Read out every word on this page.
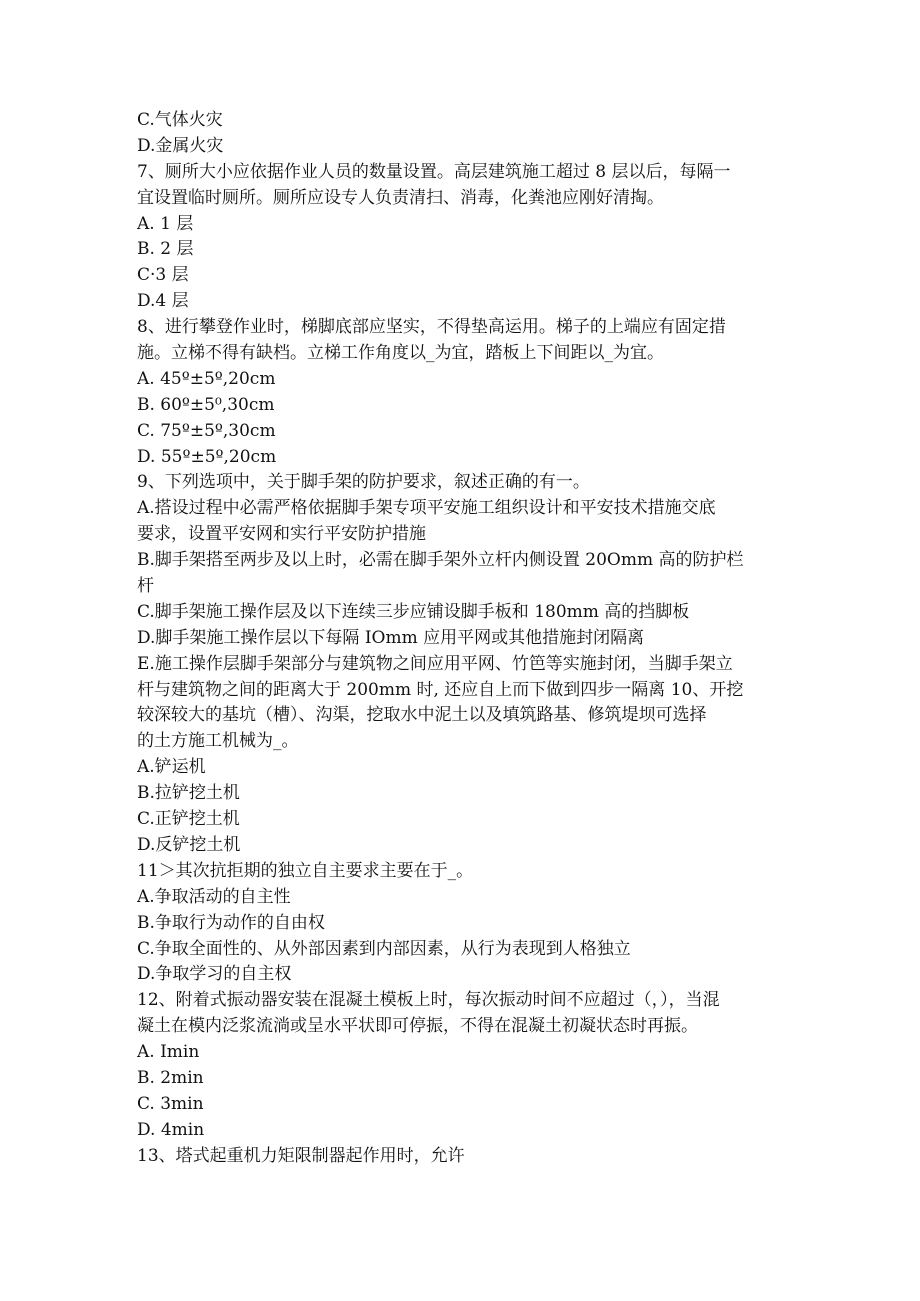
C.气体火灾
D.金属火灾
7、厕所大小应依据作业人员的数量设置。高层建筑施工超过 8 层以后，每隔一
宜设置临时厕所。厕所应设专人负责清扫、消毒，化粪池应刚好清掏。
A. 1 层
B. 2 层
C·3 层
D.4 层
8、进行攀登作业时，梯脚底部应坚实，不得垫高运用。梯子的上端应有固定措
施。立梯不得有缺档。立梯工作角度以_为宜，踏板上下间距以_为宜。
A. 45º±5º,20cm
B. 60º±5⁰,30cm
C. 75º±5º,30cm
D. 55º±5º,20cm
9、下列选项中，关于脚手架的防护要求，叙述正确的有一。
A.搭设过程中必需严格依据脚手架专项平安施工组织设计和平安技术措施交底
要求，设置平安网和实行平安防护措施
B.脚手架搭至两步及以上时，必需在脚手架外立杆内侧设置 20Omm 高的防护栏
杆
C.脚手架施工操作层及以下连续三步应铺设脚手板和 180mm 高的挡脚板
D.脚手架施工操作层以下每隔 IOmm 应用平网或其他措施封闭隔离
E.施工操作层脚手架部分与建筑物之间应用平网、竹笆等实施封闭，当脚手架立
杆与建筑物之间的距离大于 200mm 时, 还应自上而下做到四步一隔离 10、开挖
较深较大的基坑（槽）、沟渠，挖取水中泥土以及填筑路基、修筑堤坝可选择
的土方施工机械为_。
A.铲运机
B.拉铲挖土机
C.正铲挖土机
D.反铲挖土机
11＞其次抗拒期的独立自主要求主要在于_。
A.争取活动的自主性
B.争取行为动作的自由权
C.争取全面性的、从外部因素到内部因素，从行为表现到人格独立
D.争取学习的自主权
12、附着式振动器安装在混凝土模板上时，每次振动时间不应超过（，），当混
凝土在模内泛浆流淌或呈水平状即可停振，不得在混凝土初凝状态时再振。
A. Imin
B. 2min
C. 3min
D. 4min
13、塔式起重机力矩限制器起作用时，允许
